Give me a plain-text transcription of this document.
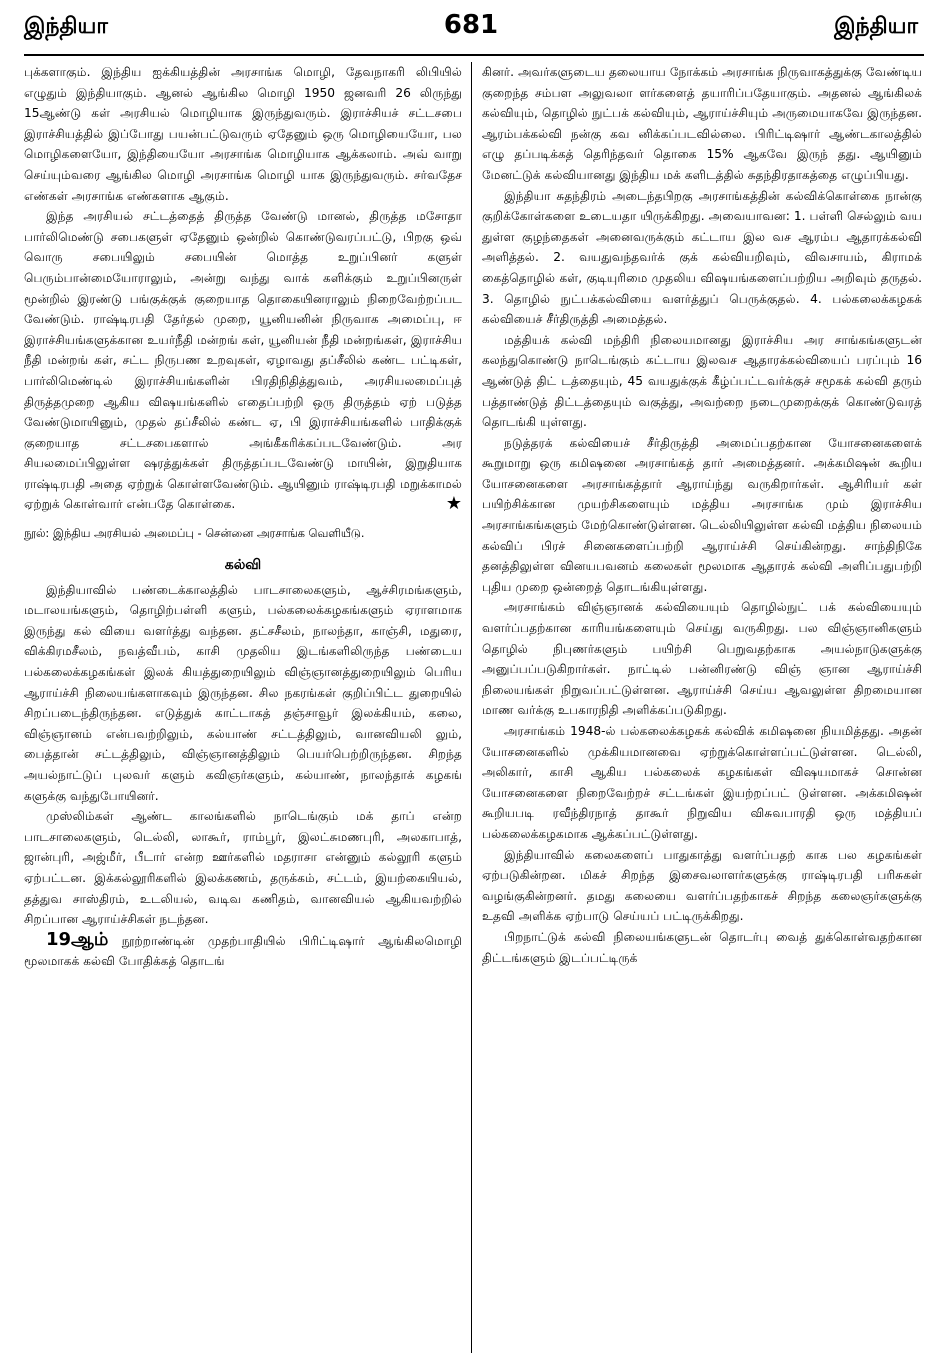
இந்தியா	681	இந்தியா

புக்களாகும். இந்திய ஐக்கியத்தின் அரசாங்க மொழி, தேவநாகரி லிபியில் எழுதும் இந்தியாகும். ஆனல் ஆங்கில மொழி 1950 ஜனவரி 26 லிருந்து 15ஆண்டு கள் அரசியல் மொழியாக இருந்துவரும். இராச்சியச் சட்டசபை இராச்சியத்தில் இப்போது பயன்பட்டுவரும் ஏதேனும் ஒரு மொழியையோ, பல மொழிகளையோ, இந்தியையோ அரசாங்க மொழியாக ஆக்கலாம். அவ் வாறு செய்யும்வரை ஆங்கில மொழி அரசாங்க மொழி யாக இருந்துவரும். சர்வதேச எண்கள் அரசாங்க எண்களாக ஆகும்.

இந்த அரசியல் சட்டத்தைத் திருத்த வேண்டு மானல், திருத்த மசோதா பார்லிமெண்டு சபைகளுள் ஏதேனும் ஒன்றில் கொண்டுவரப்பட்டு, பிறகு ஒவ் வொரு சபையிலும் சபையின் மொத்த உறுப்பினர் களுள் பெரும்பான்மையோராலும், அன்று வந்து வாக் களிக்கும் உறுப்பினருள் மூன்றில் இரண்டு பங்குக்குக் குறையாத தொகையினராலும் நிறைவேற்றப்பட வேண்டும். ராஷ்டிரபதி தேர்தல் முறை, யூனியனின் நிருவாக அமைப்பு, ஈ இராச்சியங்களுக்கான உயர்நீதி மன்றங் கள், யூனியன் நீதி மன்றங்கள், இராச்சிய நீதி மன்றங் கள், சட்ட நிருபண உறவுகள், ஏழாவது தப்சீலில் கண்ட பட்டிகள், பார்லிமெண்டில் இராச்சியங்களின் பிரதிநிதித்துவம், அரசியலமைப்புத் திருத்தமுறை ஆகிய விஷயங்களில் எதைப்பற்றி ஒரு திருத்தம் ஏற் படுத்த வேண்டுமாயினும், முதல் தப்சீலில் கண்ட ஏ, பி இராச்சியங்களில் பாதிக்குக் குறையாத சட்டசபைகளால் அங்கீகரிக்கப்படவேண்டும். அர சியலமைப்பிலுள்ள ஷரத்துக்கள் திருத்தப்படவேண்டு மாயின், இறுதியாக ராஷ்டிரபதி அதை ஏற்றுக் கொள்ளவேண்டும். ஆயினும் ராஷ்டிரபதி மறுக்காமல் ஏற்றுக் கொள்வார் என்பதே கொள்கை.	★

நூல்: இந்திய அரசியல் அமைப்பு - சென்னை அரசாங்க வெளியீடு.

கல்வி

இந்தியாவில் பண்டைக்காலத்தில் பாடசாலைகளும், ஆச்சிரமங்களும், மடாலயங்களும், தொழிற்பள்ளி களும், பல்கலைக்கழகங்களும் ஏராளமாக இருந்து கல் வியை வளர்த்து வந்தன. தட்சசீலம், நாலந்தா, காஞ்சி, மதுரை, விக்கிரமசீலம், நவத்வீபம், காசி முதலிய இடங்களிலிருந்த பண்டைய பல்கலைக்கழகங்கள் இலக் கியத்துறையிலும் விஞ்ஞானத்துறையிலும் பெரிய ஆராய்ச்சி நிலையங்களாகவும் இருந்தன. சில நகரங்கள் குறிப்பிட்ட துறையில் சிறப்படைந்திருந்தன. எடுத்துக் காட்டாகத் தஞ்சாவூர் இலக்கியம், கலை, விஞ்ஞானம் என்பவற்றிலும், கல்யாண் சட்டத்திலும், வானவியலி லும், பைத்தான் சட்டத்திலும், விஞ்ஞானத்திலும் பெயர்பெற்றிருந்தன. சிறந்த அயல்நாட்டுப் புலவர் களும் கவிஞர்களும், கல்யாண், நாலந்தாக் கழகங் களுக்கு வந்துபோயினர்.

முஸ்லிம்கள் ஆண்ட காலங்களில் நாடெங்கும் மக் தாப் என்ற பாடசாலைகளும், டெல்லி, லாகூர், ராம்பூர், இலட்சுமணபுரி, அலகாபாத், ஜான்புரி, அஜ்மீர், பீடார் என்ற ஊர்களில் மதராசா என்னும் கல்லூரி களும் ஏற்பட்டன. இக்கல்லூரிகளில் இலக்கணம், தருக்கம், சட்டம், இயற்கையியல், தத்துவ சாஸ்திரம், உடலியல், வடிவ கணிதம், வானவியல் ஆகியவற்றில் சிறப்பான ஆராய்ச்சிகள் நடந்தன.

19ஆம் நூற்றாண்டின் முதற்பாதியில் பிரிட்டிஷார் ஆங்கிலமொழி மூலமாகக் கல்வி போதிக்கத் தொடங்

கினர். அவர்களுடைய தலையாய நோக்கம் அரசாங்க நிருவாகத்துக்கு வேண்டிய குறைந்த சம்பள அலுவலா ளர்களைத் தயாரிப்பதேயாகும். அதனல் ஆங்கிலக் கல்வியும், தொழில் நுட்பக் கல்வியும், ஆராய்ச்சியும் அருமையாகவே இருந்தன. ஆரம்பக்கல்வி நன்கு கவ னிக்கப்படவில்லை. பிரிட்டிஷார் ஆண்டகாலத்தில் எழு தப்படிக்கத் தெரிந்தவர் தொகை 15% ஆகவே இருந் தது. ஆயினும் மேனட்டுக் கல்வியானது இந்திய மக் களிடத்தில் சுதந்திரதாகத்தை எழுப்பியது.

இந்தியா சுதந்திரம் அடைந்தபிறகு அரசாங்கத்தின் கல்விக்கொள்கை நான்கு குறிக்கோள்களை உடையதா யிருக்கிறது. அவையாவன: 1. பள்ளி செல்லும் வய துள்ள குழந்தைகள் அனைவருக்கும் கட்டாய இல வச ஆரம்ப ஆதாரக்கல்வி அளித்தல். 2. வயதுவந்தவர்க் குக் கல்வியறிவும், விவசாயம், கிராமக் கைத்தொழில் கள், குடியுரிமை முதலிய விஷயங்களைப்பற்றிய அறிவும் தருதல். 3. தொழில் நுட்பக்கல்வியை வளர்த்துப் பெருக்குதல். 4. பல்கலைக்கழகக் கல்வியைச் சீர்திருத்தி அமைத்தல்.

மத்தியக் கல்வி மந்திரி நிலையமானது இராச்சிய அர சாங்கங்களுடன் கலந்துகொண்டு நாடெங்கும் கட்டாய இலவச ஆதாரக்கல்வியைப் பரப்பும் 16 ஆண்டுத் திட் டத்தையும், 45 வயதுக்குக் கீழ்ப்பட்டவர்க்குச் சமூகக் கல்வி தரும் பத்தாண்டுத் திட்டத்தையும் வகுத்து, அவற்றை நடைமுறைக்குக் கொண்டுவரத் தொடங்கி யுள்ளது.

நடுத்தரக் கல்வியைச் சீர்திருத்தி அமைப்பதற்கான யோசனைகளைக் கூறுமாறு ஒரு கமிஷனை அரசாங்கத் தார் அமைத்தனர். அக்கமிஷன் கூறிய யோசனைகளை அரசாங்கத்தார் ஆராய்ந்து வருகிறார்கள். ஆசிரியர் கள் பயிற்சிக்கான முயற்சிகளையும் மத்திய அரசாங்க மும் இராச்சிய அரசாங்கங்களும் மேற்கொண்டுள்ளன. டெல்லியிலுள்ள கல்வி மத்திய நிலையம் கல்விப் பிரச் சினைகளைப்பற்றி ஆராய்ச்சி செய்கின்றது. சாந்திநிகே தனத்திலுள்ள வினயபவனம் கலைகள் மூலமாக ஆதாரக் கல்வி அளிப்பதுபற்றி புதிய முறை ஒன்றைத் தொடங்கியுள்ளது.

அரசாங்கம் விஞ்ஞானக் கல்வியையும் தொழில்நுட் பக் கல்வியையும் வளர்ப்பதற்கான காரியங்களையும் செய்து வருகிறது. பல விஞ்ஞானிகளும் தொழில் நிபுணர்களும் பயிற்சி பெறுவதற்காக அயல்நாடுகளுக்கு அனுப்பப்படுகிறார்கள். நாட்டில் பன்னிரண்டு விஞ் ஞான ஆராய்ச்சி நிலையங்கள் நிறுவப்பட்டுள்ளன. ஆராய்ச்சி செய்ய ஆவலுள்ள திறமையான மாண வர்க்கு உபகாரநிதி அளிக்கப்படுகிறது.

அரசாங்கம் 1948-ல் பல்கலைக்கழகக் கல்விக் கமிஷனை நியமித்தது. அதன் யோசனைகளில் முக்கியமானவை ஏற்றுக்கொள்ளப்பட்டுள்ளன. டெல்லி, அலிகார், காசி ஆகிய பல்கலைக் கழகங்கள் விஷயமாகச் சொன்ன யோசனைகளை நிறைவேற்றச் சட்டங்கள் இயற்றப்பட் டுள்ளன. அக்கமிஷன் கூறியபடி ரவீந்திரநாத் தாகூர் நிறுவிய விசுவபாரதி ஒரு மத்தியப் பல்கலைக்கழகமாக ஆக்கப்பட்டுள்ளது.

இந்தியாவில் கலைகளைப் பாதுகாத்து வளர்ப்பதற் காக பல கழகங்கள் ஏற்படுகின்றன. மிகச் சிறந்த இசைவலாளர்களுக்கு ராஷ்டிரபதி பரிசுகள் வழங்குகின்றனர். தமது கலையை வளர்ப்பதற்காகச் சிறந்த கலைஞர்களுக்கு உதவி அளிக்க ஏற்பாடு செய்யப் பட்டிருக்கிறது.

பிறநாட்டுக் கல்வி நிலையங்களுடன் தொடர்பு வைத் துக்கொள்வதற்கான திட்டங்களும் இடப்பட்டிருக்
